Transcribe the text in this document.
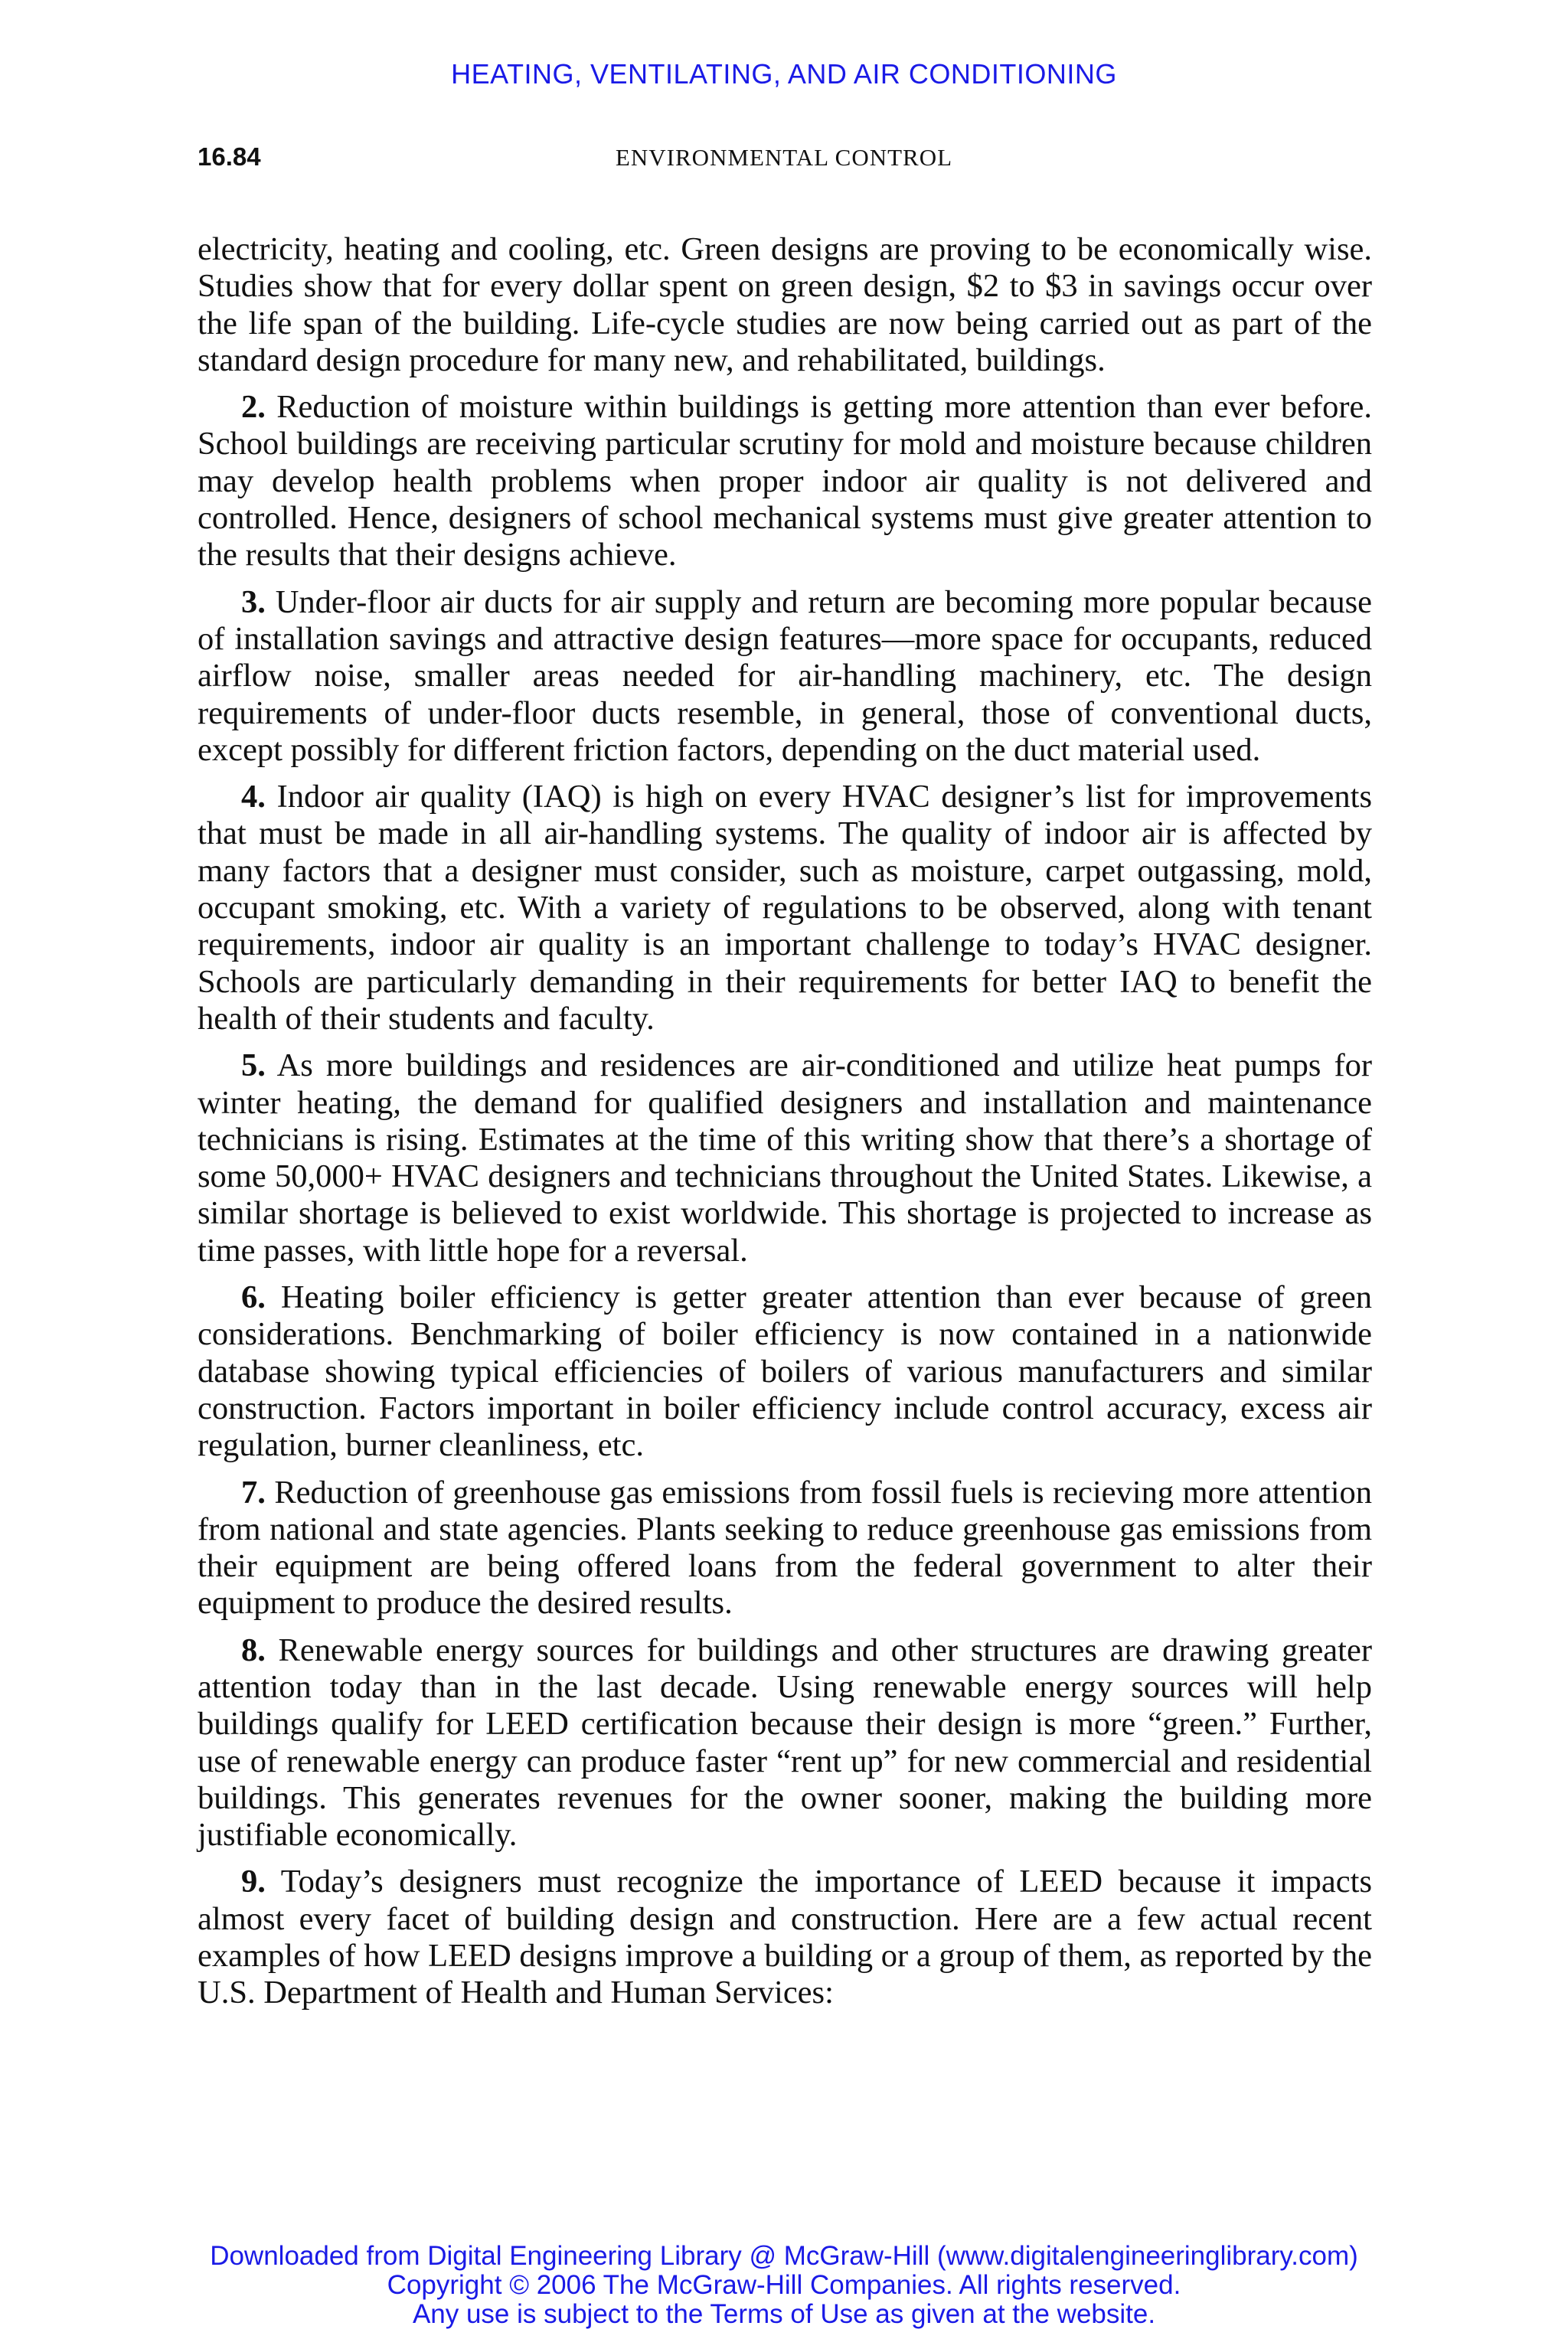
HEATING, VENTILATING, AND AIR CONDITIONING
16.84	ENVIRONMENTAL CONTROL

electricity, heating and cooling, etc. Green designs are proving to be economically wise. Studies show that for every dollar spent on green design, $2 to $3 in savings occur over the life span of the building. Life-cycle studies are now being carried out as part of the standard design procedure for many new, and rehabilitated, buildings.

2. Reduction of moisture within buildings is getting more attention than ever before. School buildings are receiving particular scrutiny for mold and moisture because children may develop health problems when proper indoor air quality is not delivered and controlled. Hence, designers of school mechanical systems must give greater attention to the results that their designs achieve.

3. Under-floor air ducts for air supply and return are becoming more popular because of installation savings and attractive design features—more space for occupants, reduced airflow noise, smaller areas needed for air-handling machinery, etc. The design requirements of under-floor ducts resemble, in general, those of conventional ducts, except possibly for different friction factors, depending on the duct material used.

4. Indoor air quality (IAQ) is high on every HVAC designer’s list for improvements that must be made in all air-handling systems. The quality of indoor air is affected by many factors that a designer must consider, such as moisture, carpet outgassing, mold, occupant smoking, etc. With a variety of regulations to be observed, along with tenant requirements, indoor air quality is an important challenge to today’s HVAC designer. Schools are particularly demanding in their requirements for better IAQ to benefit the health of their students and faculty.

5. As more buildings and residences are air-conditioned and utilize heat pumps for winter heating, the demand for qualified designers and installation and maintenance technicians is rising. Estimates at the time of this writing show that there’s a shortage of some 50,000+ HVAC designers and technicians throughout the United States. Likewise, a similar shortage is believed to exist worldwide. This shortage is projected to increase as time passes, with little hope for a reversal.

6. Heating boiler efficiency is getter greater attention than ever because of green considerations. Benchmarking of boiler efficiency is now contained in a nationwide database showing typical efficiencies of boilers of various manufacturers and similar construction. Factors important in boiler efficiency include control accuracy, excess air regulation, burner cleanliness, etc.

7. Reduction of greenhouse gas emissions from fossil fuels is recieving more attention from national and state agencies. Plants seeking to reduce greenhouse gas emissions from their equipment are being offered loans from the federal government to alter their equipment to produce the desired results.

8. Renewable energy sources for buildings and other structures are drawing greater attention today than in the last decade. Using renewable energy sources will help buildings qualify for LEED certification because their design is more “green.” Further, use of renewable energy can produce faster “rent up” for new commercial and residential buildings. This generates revenues for the owner sooner, making the building more justifiable economically.

9. Today’s designers must recognize the importance of LEED because it impacts almost every facet of building design and construction. Here are a few actual recent examples of how LEED designs improve a building or a group of them, as reported by the U.S. Department of Health and Human Services:

Downloaded from Digital Engineering Library @ McGraw-Hill (www.digitalengineeringlibrary.com)
Copyright © 2006 The McGraw-Hill Companies. All rights reserved.
Any use is subject to the Terms of Use as given at the website.
